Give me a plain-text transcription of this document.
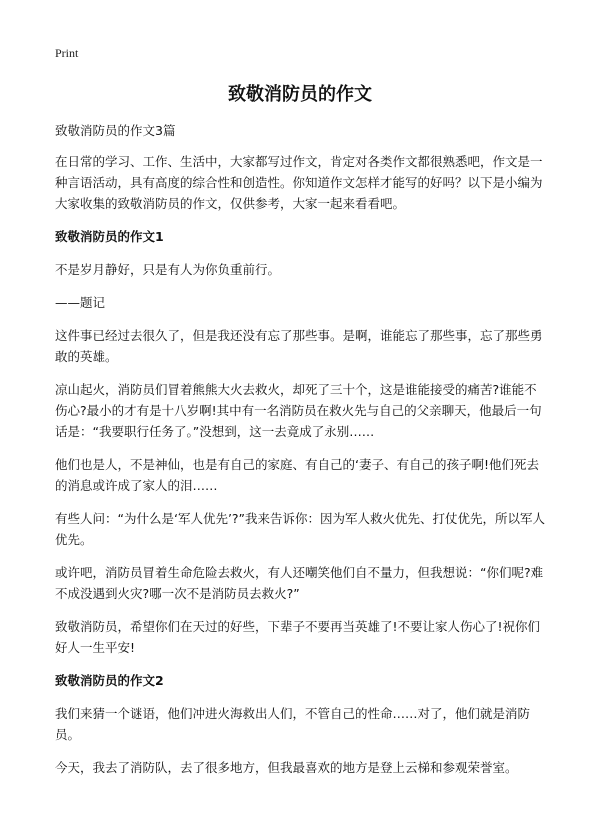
Print
致敬消防员的作文

致敬消防员的作文3篇

在日常的学习、工作、生活中，大家都写过作文，肯定对各类作文都很熟悉吧，作文是一种言语活动，具有高度的综合性和创造性。你知道作文怎样才能写的好吗？以下是小编为大家收集的致敬消防员的作文，仅供参考，大家一起来看看吧。

致敬消防员的作文1

不是岁月静好，只是有人为你负重前行。

——题记

这件事已经过去很久了，但是我还没有忘了那些事。是啊，谁能忘了那些事，忘了那些勇敢的英雄。

凉山起火，消防员们冒着熊熊大火去救火，却死了三十个，这是谁能接受的痛苦?谁能不伤心?最小的才有是十八岁啊!其中有一名消防员在救火先与自己的父亲聊天，他最后一句话是：“我要职行任务了。”没想到，这一去竟成了永别……

他们也是人，不是神仙，也是有自己的家庭、有自己的‘妻子、有自己的孩子啊!他们死去的消息或许成了家人的泪……

有些人问：“为什么是‘军人优先’?”我来告诉你：因为军人救火优先、打仗优先，所以军人优先。

或许吧，消防员冒着生命危险去救火，有人还嘲笑他们自不量力，但我想说：“你们呢?难不成没遇到火灾?哪一次不是消防员去救火?”

致敬消防员，希望你们在天过的好些，下辈子不要再当英雄了!不要让家人伤心了!祝你们好人一生平安!

致敬消防员的作文2

我们来猜一个谜语，他们冲进火海救出人们，不管自己的性命……对了，他们就是消防员。

今天，我去了消防队，去了很多地方，但我最喜欢的地方是登上云梯和参观荣誉室。
